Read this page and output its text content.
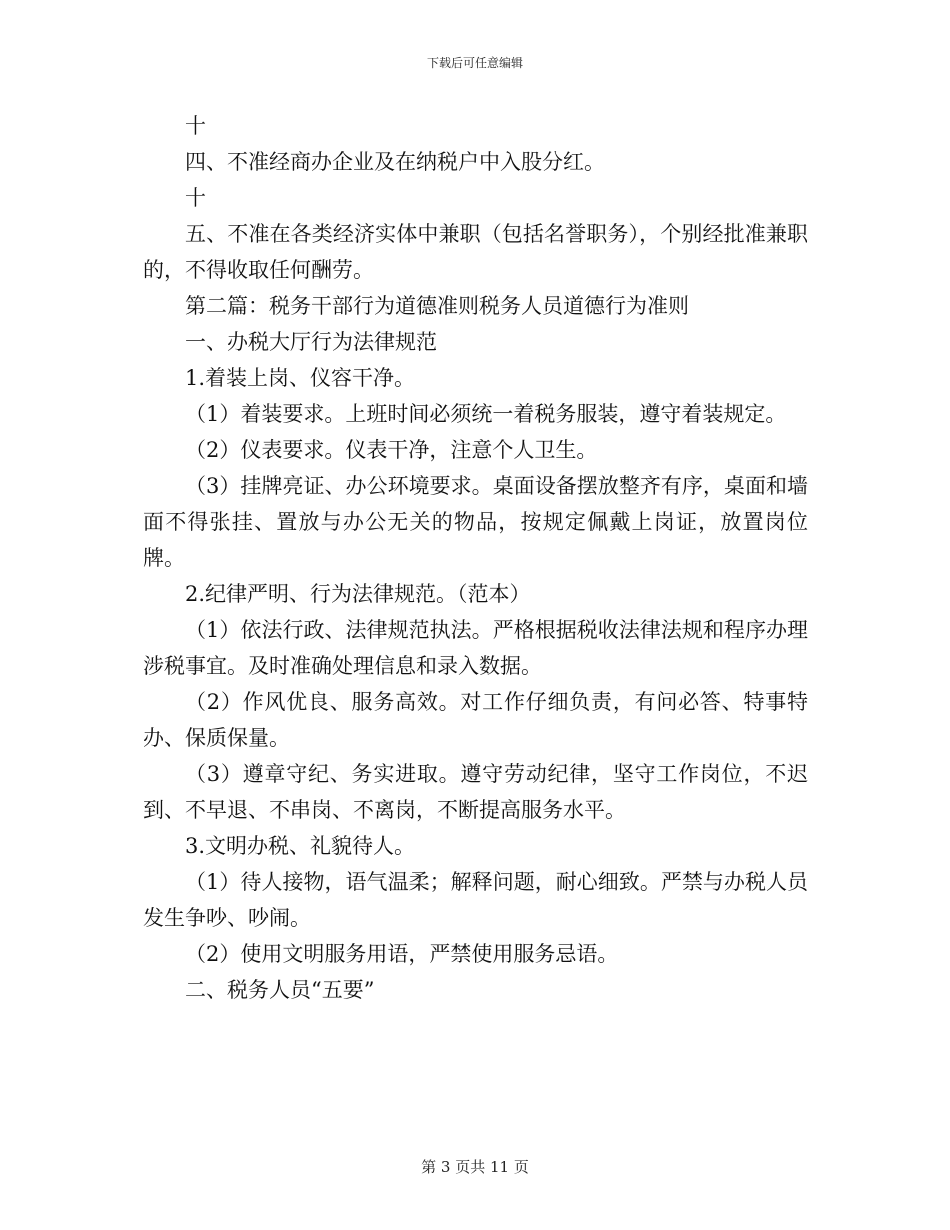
下载后可任意编辑

十

四、不准经商办企业及在纳税户中入股分红。

十

五、不准在各类经济实体中兼职（包括名誉职务），个别经批准兼职的，不得收取任何酬劳。

第二篇：税务干部行为道德准则税务人员道德行为准则

一、办税大厅行为法律规范

1.着装上岗、仪容干净。

（1）着装要求。上班时间必须统一着税务服装，遵守着装规定。

（2）仪表要求。仪表干净，注意个人卫生。

（3）挂牌亮证、办公环境要求。桌面设备摆放整齐有序，桌面和墙面不得张挂、置放与办公无关的物品，按规定佩戴上岗证，放置岗位牌。

2.纪律严明、行为法律规范。（范本）

（1）依法行政、法律规范执法。严格根据税收法律法规和程序办理涉税事宜。及时准确处理信息和录入数据。

（2）作风优良、服务高效。对工作仔细负责，有问必答、特事特办、保质保量。

（3）遵章守纪、务实进取。遵守劳动纪律，坚守工作岗位，不迟到、不早退、不串岗、不离岗，不断提高服务水平。

3.文明办税、礼貌待人。

（1）待人接物，语气温柔；解释问题，耐心细致。严禁与办税人员发生争吵、吵闹。

（2）使用文明服务用语，严禁使用服务忌语。

二、税务人员“五要”

第 3 页共 11 页
